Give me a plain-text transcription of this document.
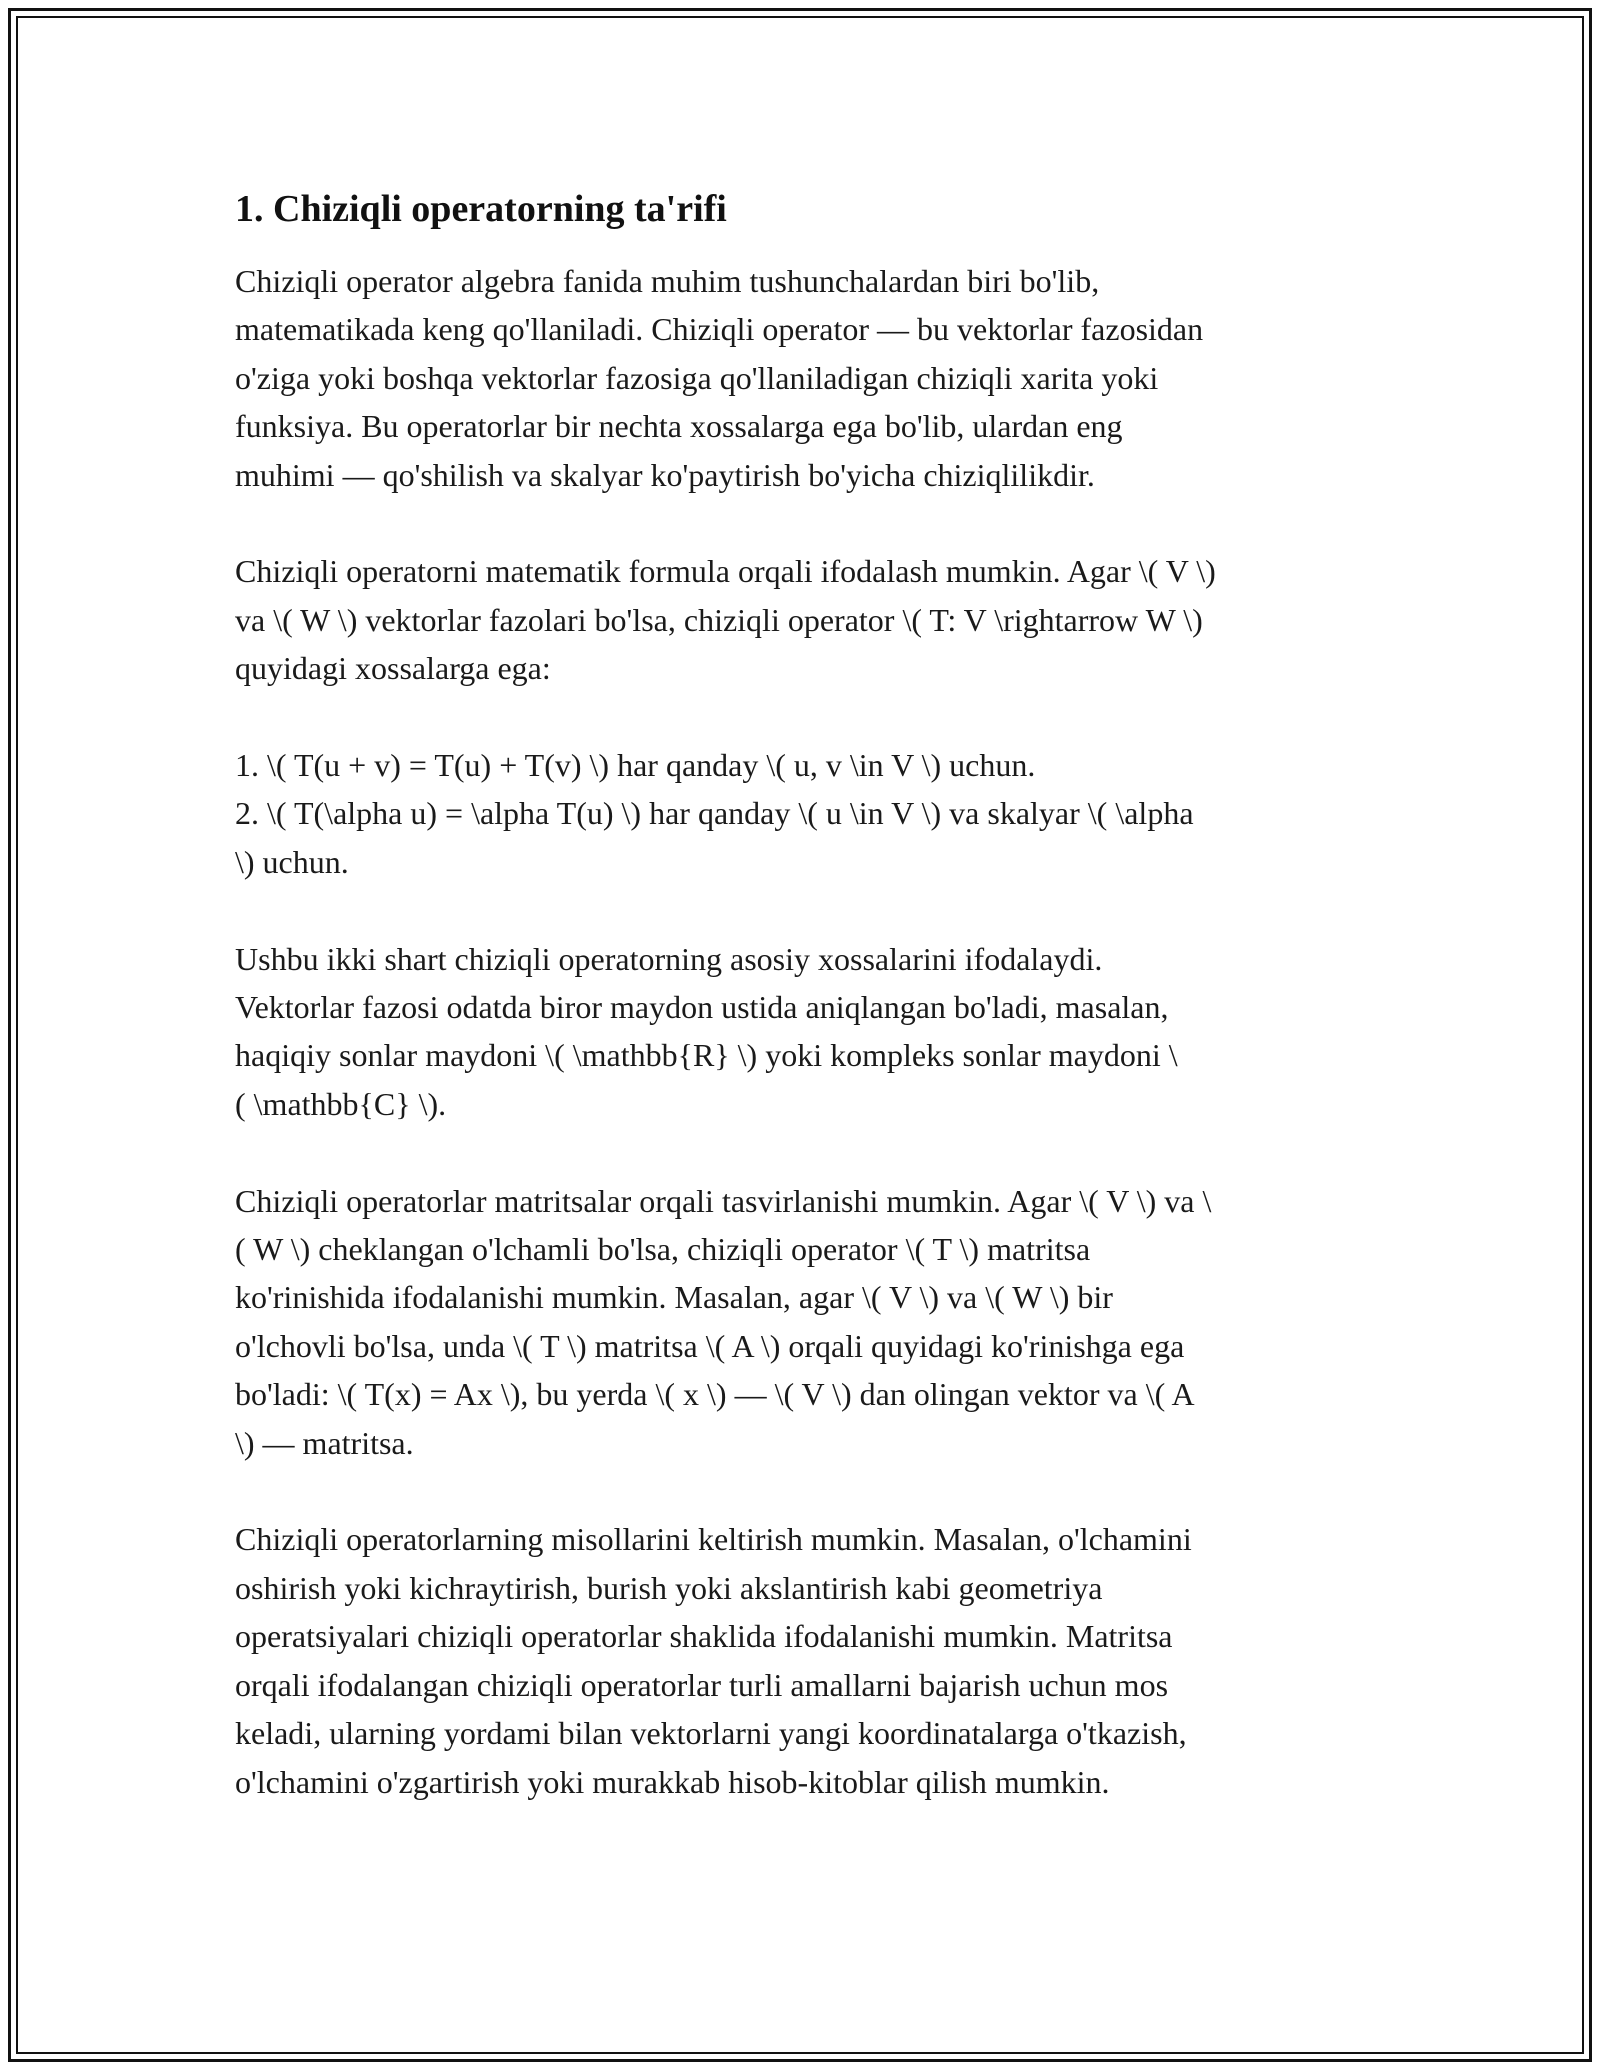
1. Chiziqli operatorning ta'rifi
Chiziqli operator algebra fanida muhim tushunchalardan biri bo'lib,
matematikada keng qo'llaniladi. Chiziqli operator — bu vektorlar fazosidan
o'ziga yoki boshqa vektorlar fazosiga qo'llaniladigan chiziqli xarita yoki
funksiya. Bu operatorlar bir nechta xossalarga ega bo'lib, ulardan eng
muhimi — qo'shilish va skalyar ko'paytirish bo'yicha chiziqlilikdir.
Chiziqli operatorni matematik formula orqali ifodalash mumkin. Agar \( V \)
va \( W \) vektorlar fazolari bo'lsa, chiziqli operator \( T: V \rightarrow W \)
quyidagi xossalarga ega:
1. \( T(u + v) = T(u) + T(v) \) har qanday \( u, v \in V \) uchun.
2. \( T(\alpha u) = \alpha T(u) \) har qanday \( u \in V \) va skalyar \( \alpha
\) uchun.
Ushbu ikki shart chiziqli operatorning asosiy xossalarini ifodalaydi.
Vektorlar fazosi odatda biror maydon ustida aniqlangan bo'ladi, masalan,
haqiqiy sonlar maydoni \( \mathbb{R} \) yoki kompleks sonlar maydoni \
( \mathbb{C} \).
Chiziqli operatorlar matritsalar orqali tasvirlanishi mumkin. Agar \( V \) va \
( W \) cheklangan o'lchamli bo'lsa, chiziqli operator \( T \) matritsa
ko'rinishida ifodalanishi mumkin. Masalan, agar \( V \) va \( W \) bir
o'lchovli bo'lsa, unda \( T \) matritsa \( A \) orqali quyidagi ko'rinishga ega
bo'ladi: \( T(x) = Ax \), bu yerda \( x \) — \( V \) dan olingan vektor va \( A
\) — matritsa.
Chiziqli operatorlarning misollarini keltirish mumkin. Masalan, o'lchamini
oshirish yoki kichraytirish, burish yoki akslantirish kabi geometriya
operatsiyalari chiziqli operatorlar shaklida ifodalanishi mumkin. Matritsa
orqali ifodalangan chiziqli operatorlar turli amallarni bajarish uchun mos
keladi, ularning yordami bilan vektorlarni yangi koordinatalarga o'tkazish,
o'lchamini o'zgartirish yoki murakkab hisob-kitoblar qilish mumkin.
